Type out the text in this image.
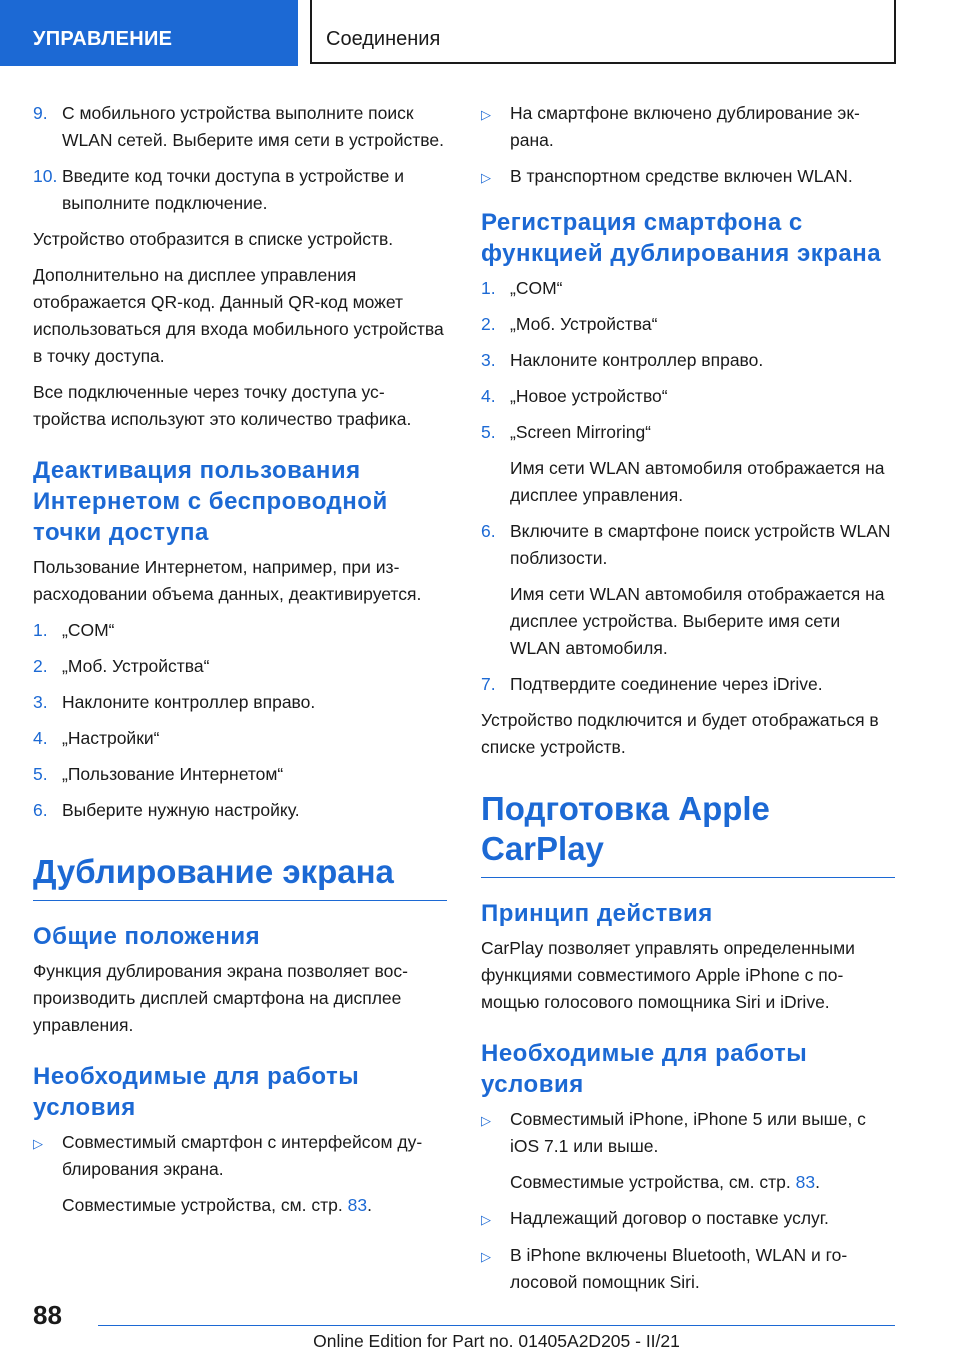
УПРАВЛЕНИЕ	Соединения
9. С мобильного устройства выполните поиск WLAN сетей. Выберите имя сети в устройстве.
10. Введите код точки доступа в устройстве и выполните подключение.

Устройство отобразится в списке устройств.

Дополнительно на дисплее управления отображается QR-код. Данный QR-код может использоваться для входа мобильного устройства в точку доступа.

Все подключенные через точку доступа устройства используют это количество трафика.

Деактивация пользования Интернетом с беспроводной точки доступа

Пользование Интернетом, например, при израсходовании объема данных, деактивируется.

1. „COM“
2. „Моб. Устройства“
3. Наклоните контроллер вправо.
4. „Настройки“
5. „Пользование Интернетом“
6. Выберите нужную настройку.
Дублирование экрана
Общие положения

Функция дублирования экрана позволяет воспроизводить дисплей смартфона на дисплее управления.

Необходимые для работы условия
▷	Совместимый смартфон с интерфейсом дублирования экрана.
Совместимые устройства, см. стр. 83.
▷	На смартфоне включено дублирование экрана.
▷	В транспортном средстве включен WLAN.
Регистрация смартфона с функцией дублирования экрана
1. „COM“
2. „Моб. Устройства“
3. Наклоните контроллер вправо.
4. „Новое устройство“
5. „Screen Mirroring“
Имя сети WLAN автомобиля отображается на дисплее управления.
6. Включите в смартфоне поиск устройств WLAN поблизости.
Имя сети WLAN автомобиля отображается на дисплее устройства. Выберите имя сети WLAN автомобиля.
7. Подтвердите соединение через iDrive.

Устройство подключится и будет отображаться в списке устройств.

Подготовка Apple CarPlay
Принцип действия

CarPlay позволяет управлять определенными функциями совместимого Apple iPhone с помощью голосового помощника Siri и iDrive.

Необходимые для работы условия
▷	Совместимый iPhone, iPhone 5 или выше, с iOS 7.1 или выше.
Совместимые устройства, см. стр. 83.
▷	Надлежащий договор о поставке услуг.
▷	В iPhone включены Bluetooth, WLAN и голосовой помощник Siri.
88
Online Edition for Part no. 01405A2D205 - II/21
